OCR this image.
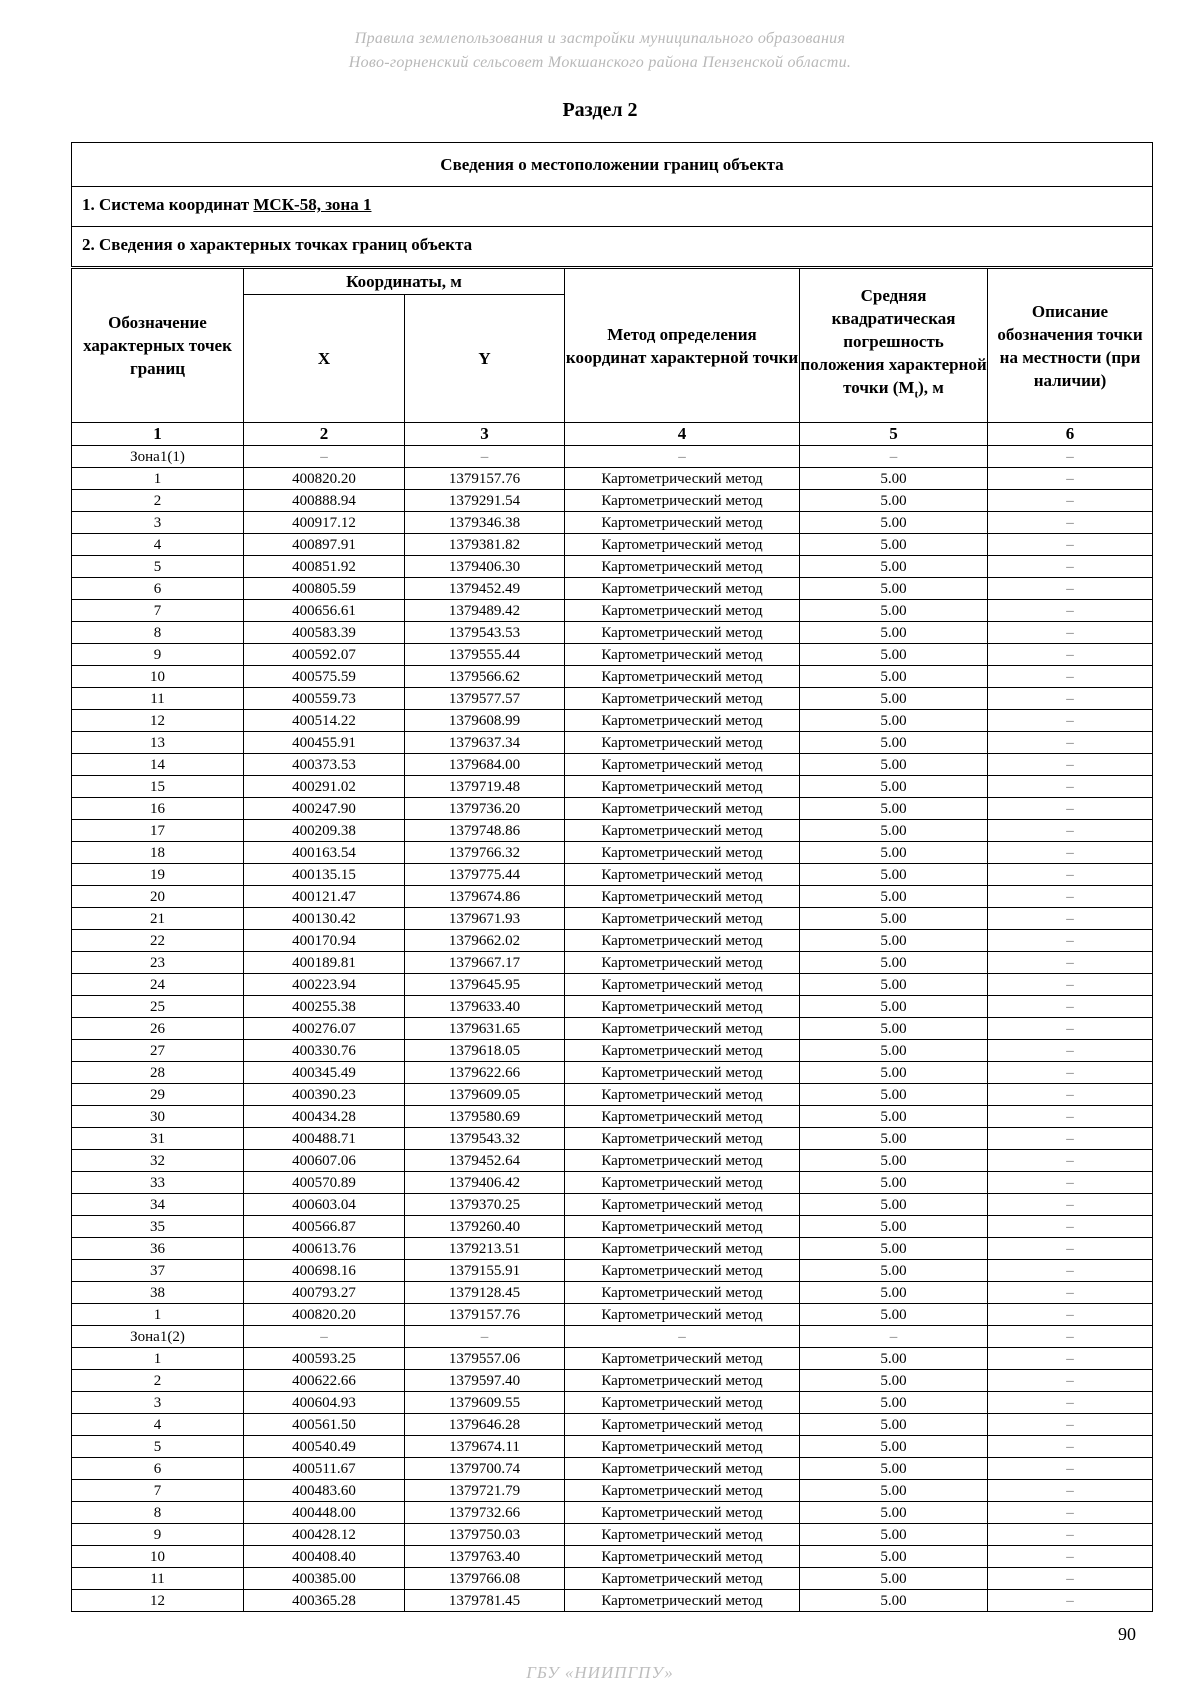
Правила землепользования и застройки муниципального образования
Ново-горненский сельсовет Мокшанского района Пензенской области.
Раздел 2
Сведения о местоположении границ объекта
1. Система координат МСК-58, зона 1
2. Сведения о характерных точках границ объекта
Обозначение характерных точек границ	Координаты, м		Метод определения координат характерной точки	Средняя квадратическая погрешность положения характерной точки $(M_t)$, м	Описание обозначения точки на местности (при наличии)
	X	Y			
1	2	3	4	5	6
Зона1(1)	–	–	–	–	–
1	400820.20	1379157.76	Картометрический метод	5.00	–
2	400888.94	1379291.54	Картометрический метод	5.00	–
3	400917.12	1379346.38	Картометрический метод	5.00	–
4	400897.91	1379381.82	Картометрический метод	5.00	–
5	400851.92	1379406.30	Картометрический метод	5.00	–
6	400805.59	1379452.49	Картометрический метод	5.00	–
7	400656.61	1379489.42	Картометрический метод	5.00	–
8	400583.39	1379543.53	Картометрический метод	5.00	–
9	400592.07	1379555.44	Картометрический метод	5.00	–
10	400575.59	1379566.62	Картометрический метод	5.00	–
11	400559.73	1379577.57	Картометрический метод	5.00	–
12	400514.22	1379608.99	Картометрический метод	5.00	–
13	400455.91	1379637.34	Картометрический метод	5.00	–
14	400373.53	1379684.00	Картометрический метод	5.00	–
15	400291.02	1379719.48	Картометрический метод	5.00	–
16	400247.90	1379736.20	Картометрический метод	5.00	–
17	400209.38	1379748.86	Картометрический метод	5.00	–
18	400163.54	1379766.32	Картометрический метод	5.00	–
19	400135.15	1379775.44	Картометрический метод	5.00	–
20	400121.47	1379674.86	Картометрический метод	5.00	–
21	400130.42	1379671.93	Картометрический метод	5.00	–
22	400170.94	1379662.02	Картометрический метод	5.00	–
23	400189.81	1379667.17	Картометрический метод	5.00	–
24	400223.94	1379645.95	Картометрический метод	5.00	–
25	400255.38	1379633.40	Картометрический метод	5.00	–
26	400276.07	1379631.65	Картометрический метод	5.00	–
27	400330.76	1379618.05	Картометрический метод	5.00	–
28	400345.49	1379622.66	Картометрический метод	5.00	–
29	400390.23	1379609.05	Картометрический метод	5.00	–
30	400434.28	1379580.69	Картометрический метод	5.00	–
31	400488.71	1379543.32	Картометрический метод	5.00	–
32	400607.06	1379452.64	Картометрический метод	5.00	–
33	400570.89	1379406.42	Картометрический метод	5.00	–
34	400603.04	1379370.25	Картометрический метод	5.00	–
35	400566.87	1379260.40	Картометрический метод	5.00	–
36	400613.76	1379213.51	Картометрический метод	5.00	–
37	400698.16	1379155.91	Картометрический метод	5.00	–
38	400793.27	1379128.45	Картометрический метод	5.00	–
1	400820.20	1379157.76	Картометрический метод	5.00	–
Зона1(2)	–	–	–	–	–
1	400593.25	1379557.06	Картометрический метод	5.00	–
2	400622.66	1379597.40	Картометрический метод	5.00	–
3	400604.93	1379609.55	Картометрический метод	5.00	–
4	400561.50	1379646.28	Картометрический метод	5.00	–
5	400540.49	1379674.11	Картометрический метод	5.00	–
6	400511.67	1379700.74	Картометрический метод	5.00	–
7	400483.60	1379721.79	Картометрический метод	5.00	–
8	400448.00	1379732.66	Картометрический метод	5.00	–
9	400428.12	1379750.03	Картометрический метод	5.00	–
10	400408.40	1379763.40	Картометрический метод	5.00	–
11	400385.00	1379766.08	Картометрический метод	5.00	–
12	400365.28	1379781.45	Картометрический метод	5.00	–
90
ГБУ «НИИПГПУ»
